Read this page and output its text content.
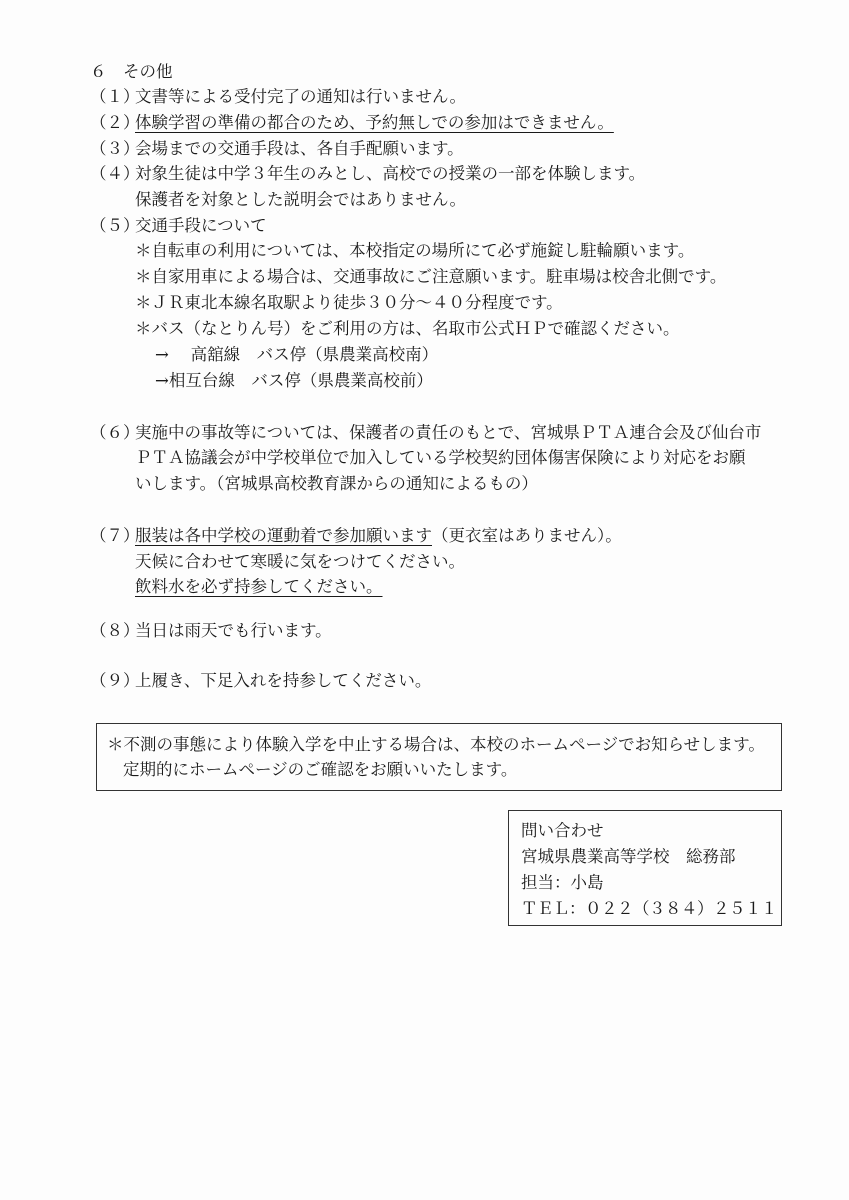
６　その他
（１）
文書等による受付完了の通知は行いません。
（２）
体験学習の準備の都合のため、予約無しでの参加はできません。
（３）
会場までの交通手段は、各自手配願います。
（４）
対象生徒は中学３年生のみとし、高校での授業の一部を体験します。
保護者を対象とした説明会ではありません。
（５）
交通手段について
＊自転車の利用については、本校指定の場所にて必ず施錠し駐輪願います。
＊自家用車による場合は、交通事故にご注意願います。駐車場は校舎北側です。
＊ＪＲ東北本線名取駅より徒歩３０分～４０分程度です。
＊バス（なとりん号）をご利用の方は、名取市公式ＨＰで確認ください。
→　 高舘線　バス停（県農業高校南）
→相互台線　バス停（県農業高校前）
（６）
実施中の事故等については、保護者の責任のもとで、宮城県ＰＴＡ連合会及び仙台市
ＰＴＡ協議会が中学校単位で加入している学校契約団体傷害保険により対応をお願
いします。（宮城県高校教育課からの通知によるもの）
（７）
服装は各中学校の運動着で参加願います（更衣室はありません）。
天候に合わせて寒暖に気をつけてください。
飲料水を必ず持参してください。
（８）
当日は雨天でも行います。
（９）
上履き、下足入れを持参してください。
＊不測の事態により体験入学を中止する場合は、本校のホームページでお知らせします。
定期的にホームページのご確認をお願いいたします。
問い合わせ
宮城県農業高等学校　総務部
担当：小島
ＴＥＬ：０２２（３８４）２５１１
